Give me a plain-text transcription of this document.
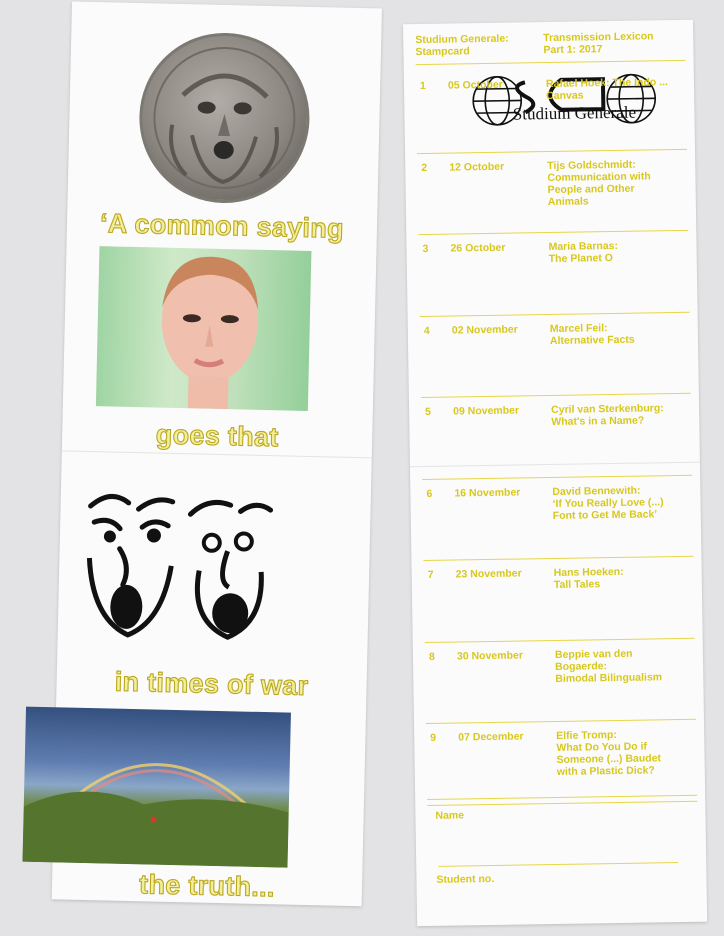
‘A common saying
goes that
in times of war
the truth...
Studium Generale:
Stampcard
Transmission Lexicon
Part 1: 2017
Studium Generale
1 05 October	Rafael Hoek: The Indo ... Canvas
2 12 October	Tijs Goldschmidt:
Communication with
People and Other
Animals
3 26 October	Maria Barnas:
The Planet O
4 02 November	Marcel Feil:
Alternative Facts
5 09 November	Cyril van Sterkenburg:
What's in a Name?
6 16 November	David Bennewith:
‘If You Really Love (...)
Font to Get Me Back’
7 23 November	Hans Hoeken:
Tall Tales
8 30 November	Beppie van den
Bogaerde:
Bimodal Bilingualism
9 07 December	Elfie Tromp:
What Do You Do if
Someone (...) Baudet
with a Plastic Dick?
Name
Student no.
